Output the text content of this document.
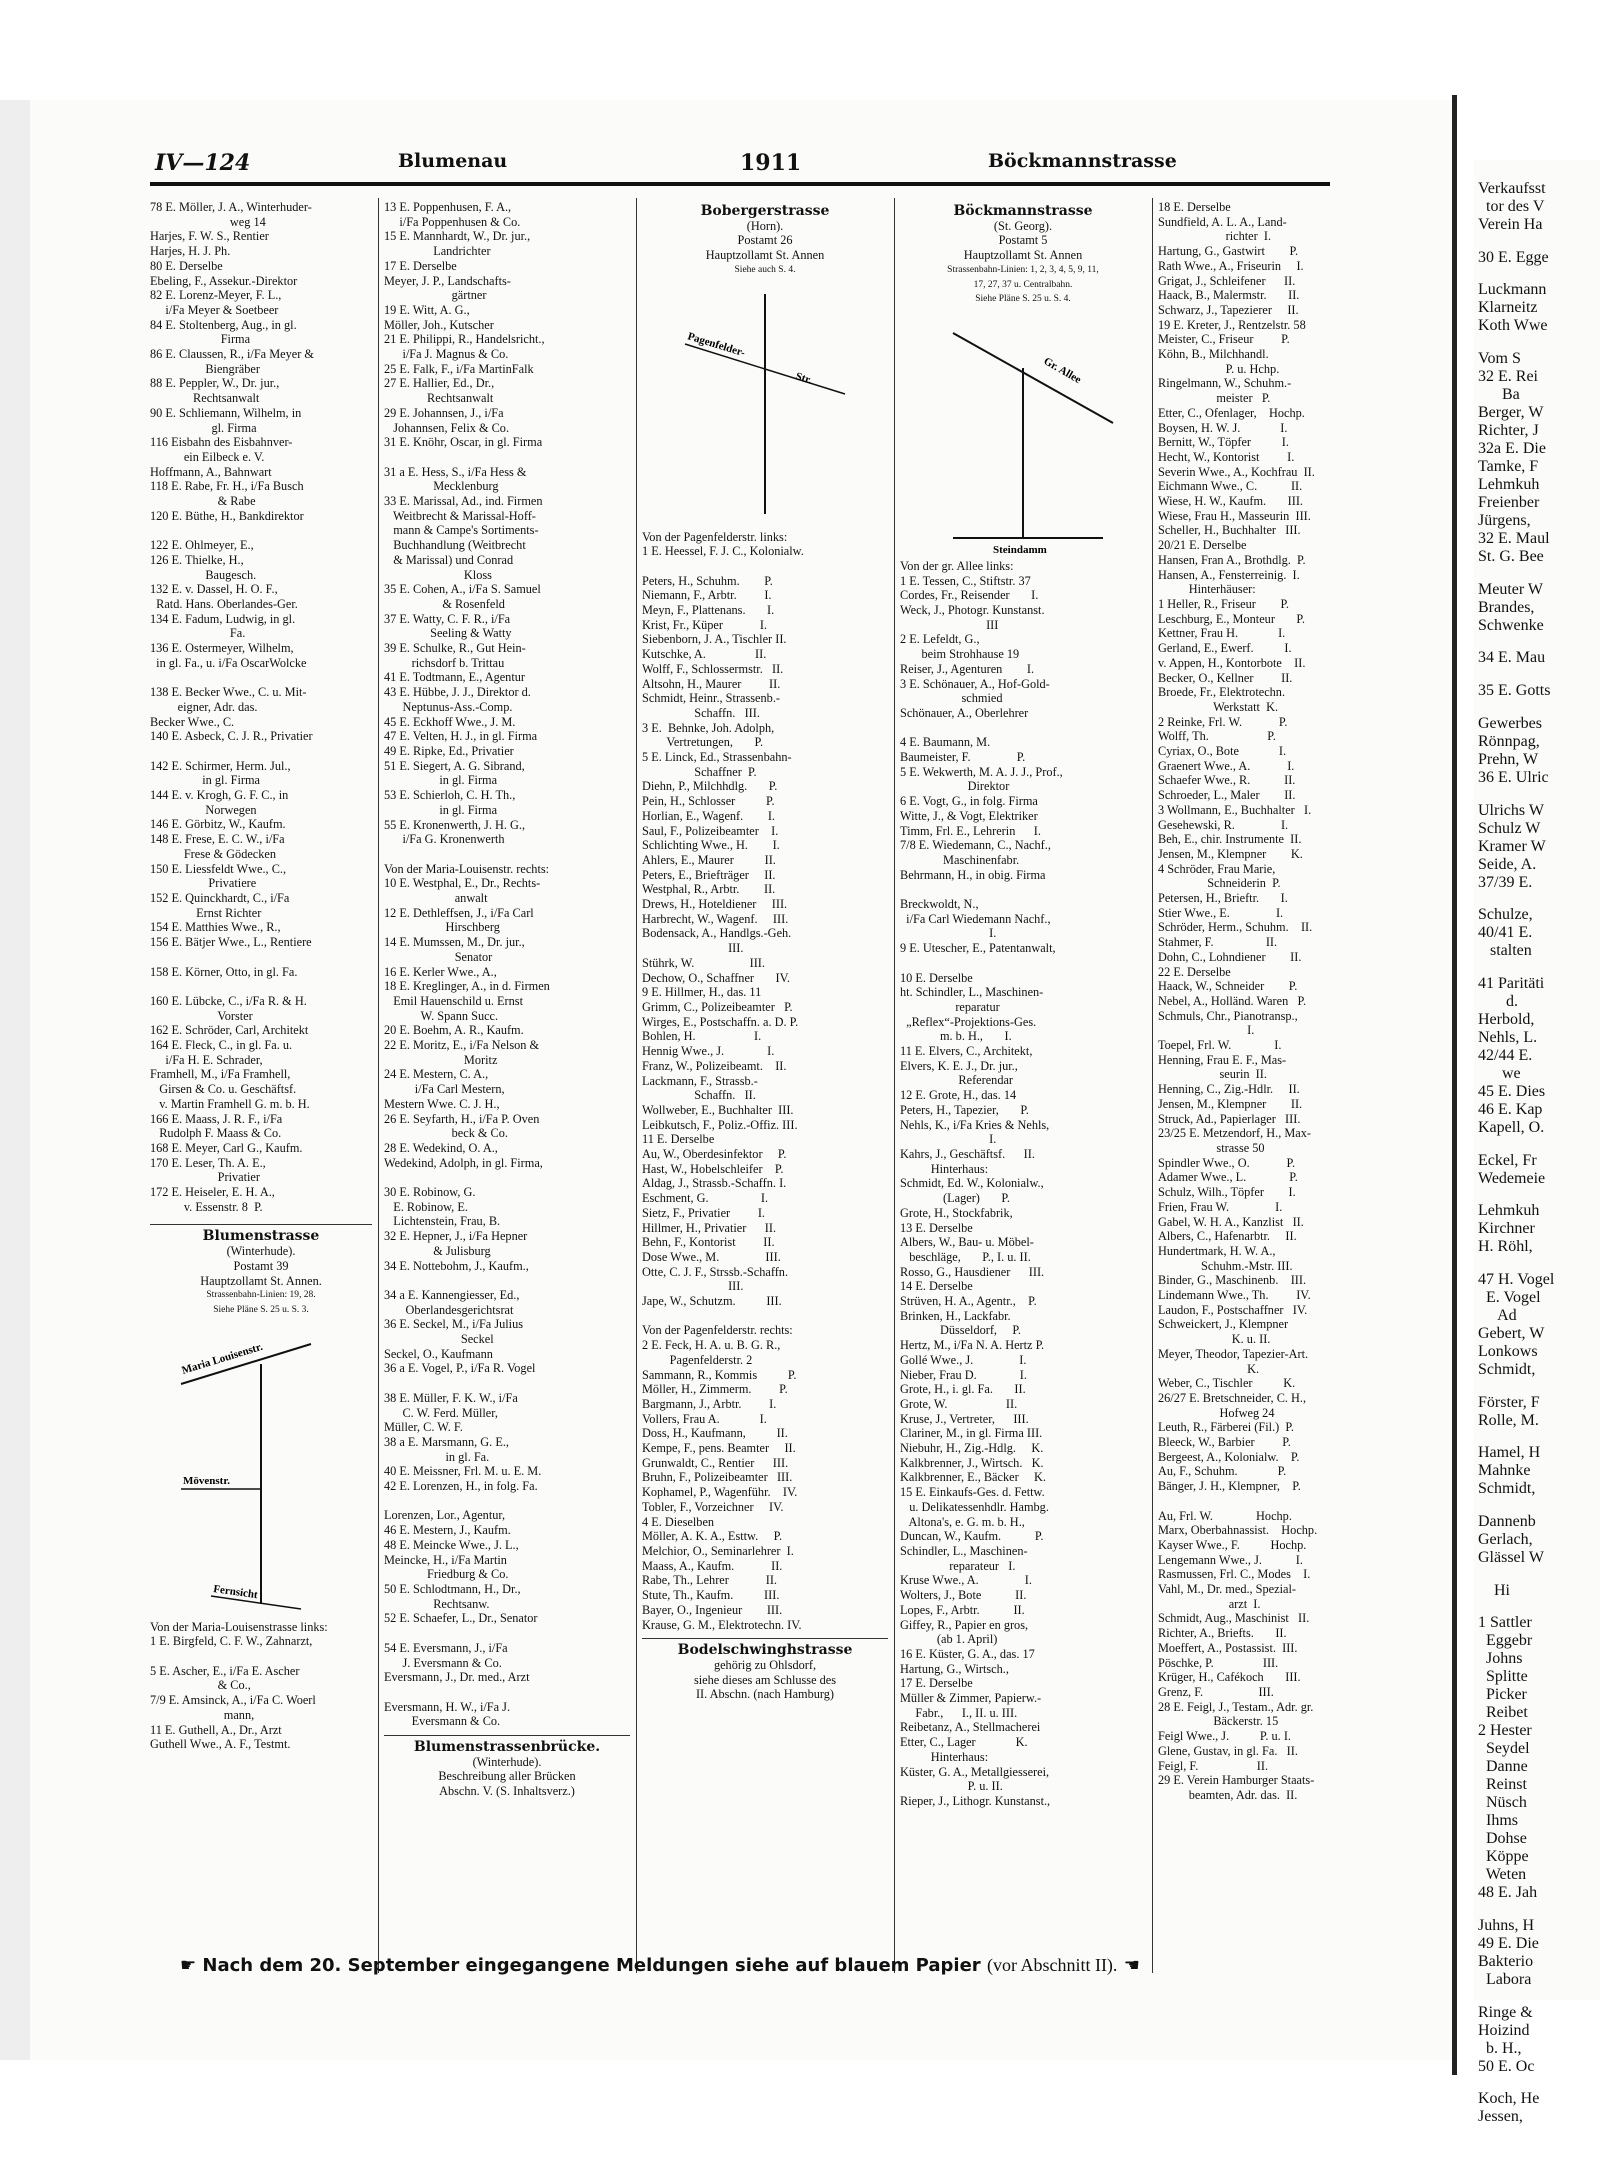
IV—124	Blumenau	1911	Böckmannstrasse
78 E. Möller, J. A., Winterhuder-
weg 14
Harjes, F. W. S., Rentier
Harjes, H. J. Ph.
80 E. Derselbe
Ebeling, F., Assekur.-Direktor
82 E. Lorenz-Meyer, F. L.,
i/Fa Meyer & Soetbeer
84 E. Stoltenberg, Aug., in gl.
Firma
86 E. Claussen, R., i/Fa Meyer &
Biengräber
88 E. Peppler, W., Dr. jur.,
Rechtsanwalt
90 E. Schliemann, Wilhelm, in
gl. Firma
116 Eisbahn des Eisbahnver-
ein Eilbeck e. V.
Hoffmann, A., Bahnwart
118 E. Rabe, Fr. H., i/Fa Busch
& Rabe
120 E. Büthe, H., Bankdirektor
122 E. Ohlmeyer, E.,
126 E. Thielke, H.,
Baugesch.
132 E. v. Dassel, H. O. F.,
Ratd. Hans. Oberlandes-Ger.
134 E. Fadum, Ludwig, in gl.
Fa.
136 E. Ostermeyer, Wilhelm,
in gl. Fa., u. i/Fa OscarWolcke
138 E. Becker Wwe., C. u. Mit-
eigner, Adr. das.
Becker Wwe., C.
140 E. Asbeck, C. J. R., Privatier
142 E. Schirmer, Herm. Jul.,
in gl. Firma
144 E. v. Krogh, G. F. C., in
Norwegen
146 E. Görbitz, W., Kaufm.
148 E. Frese, E. C. W., i/Fa
Frese & Gödecken
150 E. Liessfeldt Wwe., C.,
Privatiere
152 E. Quinckhardt, C., i/Fa
Ernst Richter
154 E. Matthies Wwe., R.,
156 E. Bätjer Wwe., L., Rentiere
158 E. Körner, Otto, in gl. Fa.
160 E. Lübcke, C., i/Fa R. & H.
Vorster
162 E. Schröder, Carl, Architekt
164 E. Fleck, C., in gl. Fa. u.
i/Fa H. E. Schrader,
Framhell, M., i/Fa Framhell,
Girsen & Co. u. Geschäftsf.
v. Martin Framhell G. m. b. H.
166 E. Maass, J. R. F., i/Fa
Rudolph F. Maass & Co.
168 E. Meyer, Carl G., Kaufm.
170 E. Leser, Th. A. E.,
Privatier
172 E. Heiseler, E. H. A.,
v. Essenstr. 8  P.
Blumenstrasse
(Winterhude).
Postamt 39
Hauptzollamt St. Annen.
Strassenbahn-Linien: 19, 28.
Siehe Pläne S. 25 u. S. 3.
Maria Louisenstr.
Mövenstr.
Fernsicht
Von der Maria-Louisenstrasse links:
1 E. Birgfeld, C. F. W., Zahnarzt,
5 E. Ascher, E., i/Fa E. Ascher
& Co.,
7/9 E. Amsinck, A., i/Fa C. Woerl
mann,
11 E. Guthell, A., Dr., Arzt
Guthell Wwe., A. F., Testmt.
13 E. Poppenhusen, F. A.,
i/Fa Poppenhusen & Co.
15 E. Mannhardt, W., Dr. jur.,
Landrichter
17 E. Derselbe
Meyer, J. P., Landschafts-
gärtner
19 E. Witt, A. G.,
Möller, Joh., Kutscher
21 E. Philippi, R., Handelsricht.,
i/Fa J. Magnus & Co.
25 E. Falk, F., i/Fa MartinFalk
27 E. Hallier, Ed., Dr.,
Rechtsanwalt
29 E. Johannsen, J., i/Fa
Johannsen, Felix & Co.
31 E. Knöhr, Oscar, in gl. Firma
31 a E. Hess, S., i/Fa Hess &
Mecklenburg
33 E. Marissal, Ad., ind. Firmen
Weitbrecht & Marissal-Hoff-
mann & Campe's Sortiments-
Buchhandlung (Weitbrecht
& Marissal) und Conrad
Kloss
35 E. Cohen, A., i/Fa S. Samuel
& Rosenfeld
37 E. Watty, C. F. R., i/Fa
Seeling & Watty
39 E. Schulke, R., Gut Hein-
richsdorf b. Trittau
41 E. Todtmann, E., Agentur
43 E. Hübbe, J. J., Direktor d.
Neptunus-Ass.-Comp.
45 E. Eckhoff Wwe., J. M.
47 E. Velten, H. J., in gl. Firma
49 E. Ripke, Ed., Privatier
51 E. Siegert, A. G. Sibrand,
in gl. Firma
53 E. Schierloh, C. H. Th.,
in gl. Firma
55 E. Kronenwerth, J. H. G.,
i/Fa G. Kronenwerth
Von der Maria-Louisenstr. rechts:
10 E. Westphal, E., Dr., Rechts-
anwalt
12 E. Dethleffsen, J., i/Fa Carl
Hirschberg
14 E. Mumssen, M., Dr. jur.,
Senator
16 E. Kerler Wwe., A.,
18 E. Kreglinger, A., in d. Firmen
Emil Hauenschild u. Ernst
W. Spann Succ.
20 E. Boehm, A. R., Kaufm.
22 E. Moritz, E., i/Fa Nelson &
Moritz
24 E. Mestern, C. A.,
i/Fa Carl Mestern,
Mestern Wwe. C. J. H.,
26 E. Seyfarth, H., i/Fa P. Oven
beck & Co.
28 E. Wedekind, O. A.,
Wedekind, Adolph, in gl. Firma,
30 E. Robinow, G.
E. Robinow, E.
Lichtenstein, Frau, B.
32 E. Hepner, J., i/Fa Hepner
& Julisburg
34 E. Nottebohm, J., Kaufm.,
34 a E. Kannengiesser, Ed.,
Oberlandesgerichtsrat
36 E. Seckel, M., i/Fa Julius
Seckel
Seckel, O., Kaufmann
36 a E. Vogel, P., i/Fa R. Vogel
38 E. Müller, F. K. W., i/Fa
C. W. Ferd. Müller,
Müller, C. W. F.
38 a E. Marsmann, G. E.,
in gl. Fa.
40 E. Meissner, Frl. M. u. E. M.
42 E. Lorenzen, H., in folg. Fa.
Lorenzen, Lor., Agentur,
46 E. Mestern, J., Kaufm.
48 E. Meincke Wwe., J. L.,
Meincke, H., i/Fa Martin
Friedburg & Co.
50 E. Schlodtmann, H., Dr.,
Rechtsanw.
52 E. Schaefer, L., Dr., Senator
54 E. Eversmann, J., i/Fa
J. Eversmann & Co.
Eversmann, J., Dr. med., Arzt
Eversmann, H. W., i/Fa J.
Eversmann & Co.
Blumenstrassenbrücke.
(Winterhude).
Beschreibung aller Brücken
Abschn. V. (S. Inhaltsverz.)
Bobergerstrasse
(Horn).
Postamt 26
Hauptzollamt St. Annen
Siehe auch S. 4.
Pagenfelder-
Str.
Von der Pagenfelderstr. links:
1 E. Heessel, F. J. C., Kolonialw.
Peters, H., Schuhm.        P.
Niemann, F., Arbtr.         I.
Meyn, F., Plattenans.       I.
Krist, Fr., Küper            I.
Siebenborn, J. A., Tischler II.
Kutschke, A.                II.
Wolff, F., Schlossermstr.   II.
Altsohn, H., Maurer         II.
Schmidt, Heinr., Strassenb.-
Schaffn.   III.
3 E.  Behnke, Joh. Adolph,
Vertretungen,       P.
5 E. Linck, Ed., Strassenbahn-
Schaffner  P.
Diehn, P., Milchhdlg.       P.
Pein, H., Schlosser          P.
Horlian, E., Wagenf.        I.
Saul, F., Polizeibeamter    I.
Schlichting Wwe., H.        I.
Ahlers, E., Maurer          II.
Peters, E., Briefträger     II.
Westphal, R., Arbtr.        II.
Drews, H., Hoteldiener     III.
Harbrecht, W., Wagenf.     III.
Bodensack, A., Handlgs.-Geh.
III.
Stührk, W.                  III.
Dechow, O., Schaffner       IV.
9 E. Hillmer, H., das. 11
Grimm, C., Polizeibeamter   P.
Wirges, E., Postschaffn. a. D. P.
Bohlen, H.                   I.
Hennig Wwe., J.              I.
Franz, W., Polizeibeamt.    II.
Lackmann, F., Strassb.-
Schaffn.   II.
Wollweber, E., Buchhalter  III.
Leibkutsch, F., Poliz.-Offiz. III.
11 E. Derselbe
Au, W., Oberdesinfektor     P.
Hast, W., Hobelschleifer    P.
Aldag, J., Strassb.-Schaffn. I.
Eschment, G.                 I.
Sietz, F., Privatier         I.
Hillmer, H., Privatier      II.
Behn, F., Kontorist         II.
Dose Wwe., M.               III.
Otte, C. J. F., Strssb.-Schaffn.
III.
Jape, W., Schutzm.          III.
Von der Pagenfelderstr. rechts:
2 E. Feck, H. A. u. B. G. R.,
Pagenfelderstr. 2
Sammann, R., Kommis          P.
Möller, H., Zimmerm.         P.
Bargmann, J., Arbtr.         I.
Vollers, Frau A.             I.
Doss, H., Kaufmann,          II.
Kempe, F., pens. Beamter     II.
Grunwaldt, C., Rentier      III.
Bruhn, F., Polizeibeamter   III.
Kophamel, P., Wagenführ.    IV.
Tobler, F., Vorzeichner     IV.
4 E. Dieselben
Möller, A. K. A., Esttw.     P.
Melchior, O., Seminarlehrer  I.
Maass, A., Kaufm.            II.
Rabe, Th., Lehrer            II.
Stute, Th., Kaufm.          III.
Bayer, O., Ingenieur        III.
Krause, G. M., Elektrotechn. IV.
Bodelschwinghstrasse
gehörig zu Ohlsdorf,
siehe dieses am Schlusse des
II. Abschn. (nach Hamburg)
Böckmannstrasse
(St. Georg).
Postamt 5
Hauptzollamt St. Annen
Strassenbahn-Linien: 1, 2, 3, 4, 5, 9, 11,
17, 27, 37 u. Centralbahn.
Siehe Pläne S. 25 u. S. 4.
Gr. Allee
Steindamm
Von der gr. Allee links:
1 E. Tessen, C., Stiftstr. 37
Cordes, Fr., Reisender       I.
Weck, J., Photogr. Kunstanst.
III
2 E. Lefeldt, G.,
beim Strohhause 19
Reiser, J., Agenturen        I.
3 E. Schönauer, A., Hof-Gold-
schmied
Schönauer, A., Oberlehrer
4 E. Baumann, M.
Baumeister, F.               P.
5 E. Wekwerth, M. A. J. J., Prof.,
Direktor
6 E. Vogt, G., in folg. Firma
Witte, J., & Vogt, Elektriker
Timm, Frl. E., Lehrerin      I.
7/8 E. Wiedemann, C., Nachf.,
Maschinenfabr.
Behrmann, H., in obig. Firma
Breckwoldt, N.,
i/Fa Carl Wiedemann Nachf.,
I.
9 E. Utescher, E., Patentanwalt,
10 E. Derselbe
ht. Schindler, L., Maschinen-
reparatur
„Reflex“-Projektions-Ges.
m. b. H.,       I.
11 E. Elvers, C., Architekt,
Elvers, K. E. J., Dr. jur.,
Referendar
12 E. Grote, H., das. 14
Peters, H., Tapezier,       P.
Nehls, K., i/Fa Kries & Nehls,
I.
Kahrs, J., Geschäftsf.      II.
Hinterhaus:
Schmidt, Ed. W., Kolonialw.,
(Lager)       P.
Grote, H., Stockfabrik,
13 E. Derselbe
Albers, W., Bau- u. Möbel-
beschläge,       P., I. u. II.
Rosso, G., Hausdiener      III.
14 E. Derselbe
Strüven, H. A., Agentr.,    P.
Brinken, H., Lackfabr.
Düsseldorf,     P.
Hertz, M., i/Fa N. A. Hertz P.
Gollé Wwe., J.               I.
Nieber, Frau D.              I.
Grote, H., i. gl. Fa.       II.
Grote, W.                   II.
Kruse, J., Vertreter,      III.
Clariner, M., in gl. Firma III.
Niebuhr, H., Zig.-Hdlg.     K.
Kalkbrenner, J., Wirtsch.   K.
Kalkbrenner, E., Bäcker     K.
15 E. Einkaufs-Ges. d. Fettw.
u. Delikatessenhdlr. Hambg.
Altona's, e. G. m. b. H.,
Duncan, W., Kaufm.           P.
Schindler, L., Maschinen-
reparateur   I.
Kruse Wwe., A.               I.
Wolters, J., Bote           II.
Lopes, F., Arbtr.           II.
Giffey, R., Papier en gros,
(ab 1. April)
16 E. Küster, G. A., das. 17
Hartung, G., Wirtsch.,
17 E. Derselbe
Müller & Zimmer, Papierw.-
Fabr.,      I., II. u. III.
Reibetanz, A., Stellmacherei
Etter, C., Lager             K.
Hinterhaus:
Küster, G. A., Metallgiesserei,
P. u. II.
Rieper, J., Lithogr. Kunstanst.,
18 E. Derselbe
Sundfield, A. L. A., Land-
richter  I.
Hartung, G., Gastwirt        P.
Rath Wwe., A., Friseurin     I.
Grigat, J., Schleifener      II.
Haack, B., Malermstr.       II.
Schwarz, J., Tapezierer     II.
19 E. Kreter, J., Rentzelstr. 58
Meister, C., Friseur         P.
Köhn, B., Milchhandl.
P. u. Hchp.
Ringelmann, W., Schuhm.-
meister   P.
Etter, C., Ofenlager,    Hochp.
Boysen, H. W. J.             I.
Bernitt, W., Töpfer          I.
Hecht, W., Kontorist         I.
Severin Wwe., A., Kochfrau  II.
Eichmann Wwe., C.           II.
Wiese, H. W., Kaufm.       III.
Wiese, Frau H., Masseurin  III.
Scheller, H., Buchhalter   III.
20/21 E. Derselbe
Hansen, Fran A., Brothdlg.  P.
Hansen, A., Fensterreinig.  I.
Hinterhäuser:
1 Heller, R., Friseur        P.
Leschburg, E., Monteur       P.
Kettner, Frau H.             I.
Gerland, E., Ewerf.          I.
v. Appen, H., Kontorbote    II.
Becker, O., Kellner         II.
Broede, Fr., Elektrotechn.
Werkstatt  K.
2 Reinke, Frl. W.            P.
Wolff, Th.                   P.
Cyriax, O., Bote             I.
Graenert Wwe., A.            I.
Schaefer Wwe., R.           II.
Schroeder, L., Maler        II.
3 Wollmann, E., Buchhalter   I.
Gesehewski, R.               I.
Beh, E., chir. Instrumente  II.
Jensen, M., Klempner        K.
4 Schröder, Frau Marie,
Schneiderin  P.
Petersen, H., Brieftr.       I.
Stier Wwe., E.               I.
Schröder, Herm., Schuhm.    II.
Stahmer, F.                 II.
Dohn, C., Lohndiener        II.
22 E. Derselbe
Haack, W., Schneider        P.
Nebel, A., Holländ. Waren   P.
Schmuls, Chr., Pianotransp.,
I.
Toepel, Frl. W.              I.
Henning, Frau E. F., Mas-
seurin  II.
Henning, C., Zig.-Hdlr.     II.
Jensen, M., Klempner        II.
Struck, Ad., Papierlager   III.
23/25 E. Metzendorf, H., Max-
strasse 50
Spindler Wwe., O.            P.
Adamer Wwe., L.              P.
Schulz, Wilh., Töpfer        I.
Frien, Frau W.               I.
Gabel, W. H. A., Kanzlist   II.
Albers, C., Hafenarbtr.     II.
Hundertmark, H. W. A.,
Schuhm.-Mstr. III.
Binder, G., Maschinenb.    III.
Lindemann Wwe., Th.         IV.
Laudon, F., Postschaffner   IV.
Schweickert, J., Klempner
K. u. II.
Meyer, Theodor, Tapezier-Art.
K.
Weber, C., Tischler          K.
26/27 E. Bretschneider, C. H.,
Hofweg 24
Leuth, R., Färberei (Fil.)  P.
Bleeck, W., Barbier         P.
Bergeest, A., Kolonialw.    P.
Au, F., Schuhm.             P.
Bänger, J. H., Klempner,    P.
Au, Frl. W.              Hochp.
Marx, Oberbahnassist.    Hochp.
Kayser Wwe., F.          Hochp.
Lengemann Wwe., J.           I.
Rasmussen, Frl. C., Modes    I.
Vahl, M., Dr. med., Spezial-
arzt  I.
Schmidt, Aug., Maschinist   II.
Richter, A., Briefts.       II.
Moeffert, A., Postassist.  III.
Pöschke, P.                III.
Krüger, H., Cafékoch       III.
Grenz, F.                  III.
28 E. Feigl, J., Testam., Adr. gr.
Bäckerstr. 15
Feigl Wwe., J.          P. u. I.
Glene, Gustav, in gl. Fa.   II.
Feigl, F.                   II.
29 E. Verein Hamburger Staats-
beamten, Adr. das.  II.
Verkaufsst
tor des V
Verein Ha
30 E. Egge
Luckmann
Klarneitz
Koth Wwe
Vom S
32 E. Rei
Ba
Berger, W
Richter, J
32a E. Die
Tamke, F
Lehmkuh
Freienber
Jürgens,
32 E. Maul
St. G. Bee
Meuter W
Brandes,
Schwenke
34 E. Mau
35 E. Gotts
Gewerbes
Rönnpag,
Prehn, W
36 E. Ulric
Ulrichs W
Schulz W
Kramer W
Seide, A.
37/39 E.
Schulze,
40/41 E.
stalten
41 Paritäti
d.
Herbold,
Nehls, L.
42/44 E.
we
45 E. Dies
46 E. Kap
Kapell, O.
Eckel, Fr
Wedemeie
Lehmkuh
Kirchner
H. Röhl,
47 H. Vogel
E. Vogel
Ad
Gebert, W
Lonkows
Schmidt,
Förster, F
Rolle, M.
Hamel, H
Mahnke
Schmidt,
Dannenb
Gerlach,
Glässel W
Hi
1 Sattler
Eggebr
Johns
Splitte
Picker
Reibet
2 Hester
Seydel
Danne
Reinst
Nüsch
Ihms
Dohse
Köppe
Weten
48 E. Jah
Juhns, H
49 E. Die
Bakterio
Labora
Ringe &
Hoizind
b. H.,
50 E. Oc
Koch, He
Jessen,
☛ Nach dem 20. September eingegangene Meldungen siehe auf blauem Papier (vor Abschnitt II). ☚
